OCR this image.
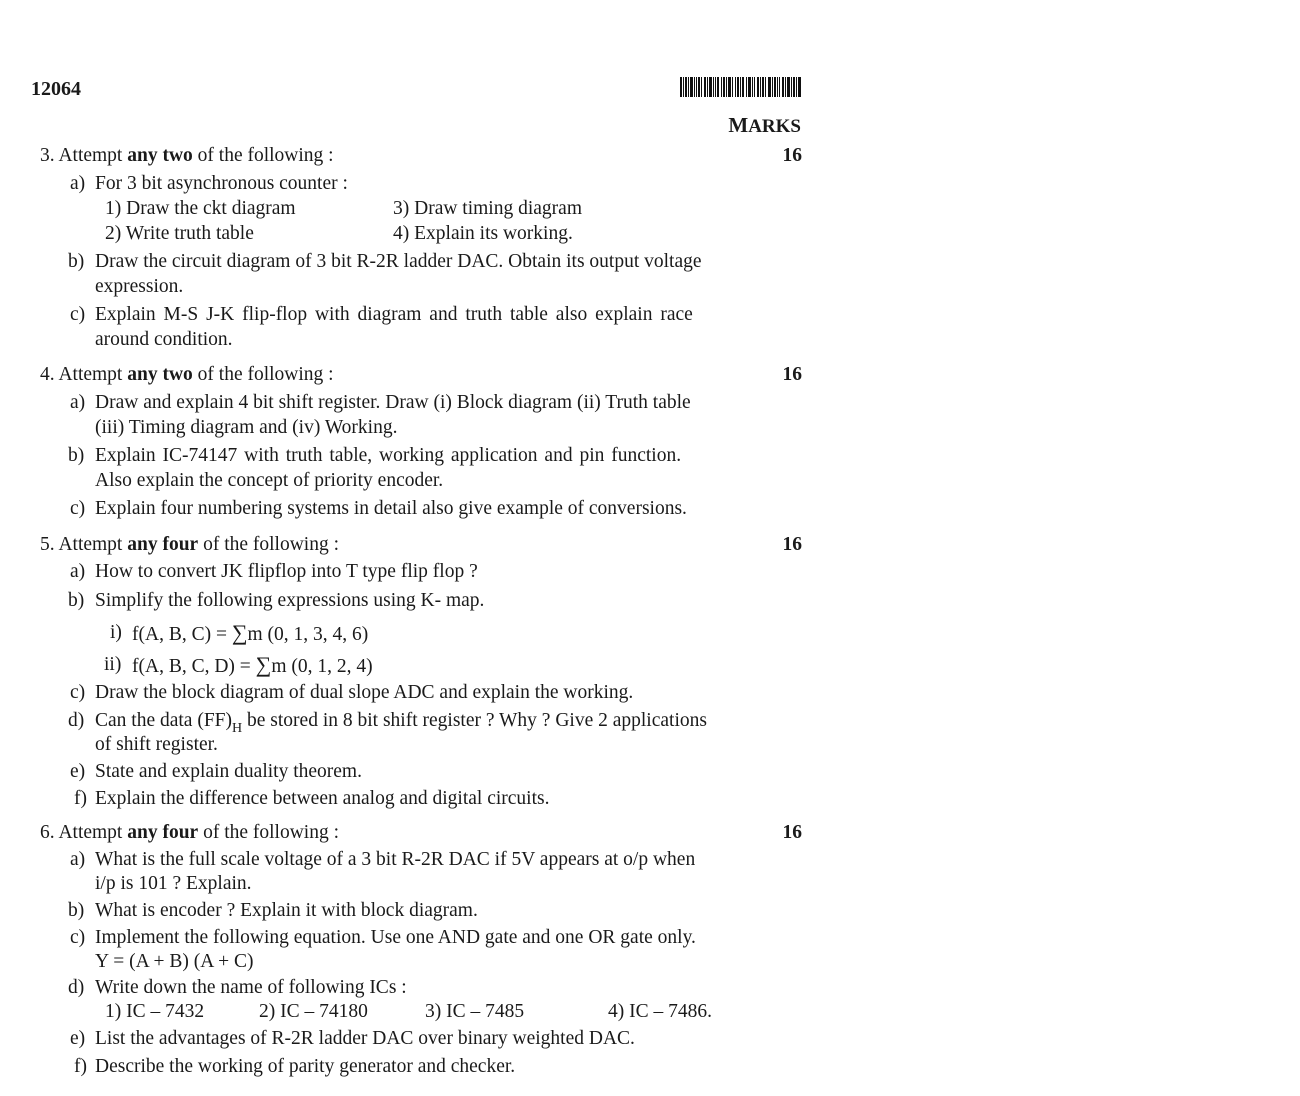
12064
MARKS
3. Attempt any two of the following :	16
a) For 3 bit asynchronous counter :
1) Draw the ckt diagram	3) Draw timing diagram
2) Write truth table	4) Explain its working.
b) Draw the circuit diagram of 3 bit R-2R ladder DAC. Obtain its output voltage
expression.
c) Explain M-S J-K flip-flop with diagram and truth table also explain race
around condition.
4. Attempt any two of the following :	16
a) Draw and explain 4 bit shift register. Draw (i) Block diagram (ii) Truth table
(iii) Timing diagram and (iv) Working.
b) Explain IC-74147 with truth table, working application and pin function.
Also explain the concept of priority encoder.
c) Explain four numbering systems in detail also give example of conversions.
5. Attempt any four of the following :	16
a) How to convert JK flipflop into T type flip flop ?
b) Simplify the following expressions using K- map.
i) f(A, B, C) = ∑m (0, 1, 3, 4, 6)
ii) f(A, B, C, D) = ∑m (0, 1, 2, 4)
c) Draw the block diagram of dual slope ADC and explain the working.
d) Can the data $(FF)_H$ be stored in 8 bit shift register ? Why ? Give 2 applications
of shift register.
e) State and explain duality theorem.
f) Explain the difference between analog and digital circuits.
6. Attempt any four of the following :	16
a) What is the full scale voltage of a 3 bit R-2R DAC if 5V appears at o/p when
i/p is 101 ? Explain.
b) What is encoder ? Explain it with block diagram.
c) Implement the following equation. Use one AND gate and one OR gate only.
Y = (A + B) (A + C)
d) Write down the name of following ICs :
1) IC – 7432	2) IC – 74180	3) IC – 7485	4) IC – 7486.
e) List the advantages of R-2R ladder DAC over binary weighted DAC.
f) Describe the working of parity generator and checker.
